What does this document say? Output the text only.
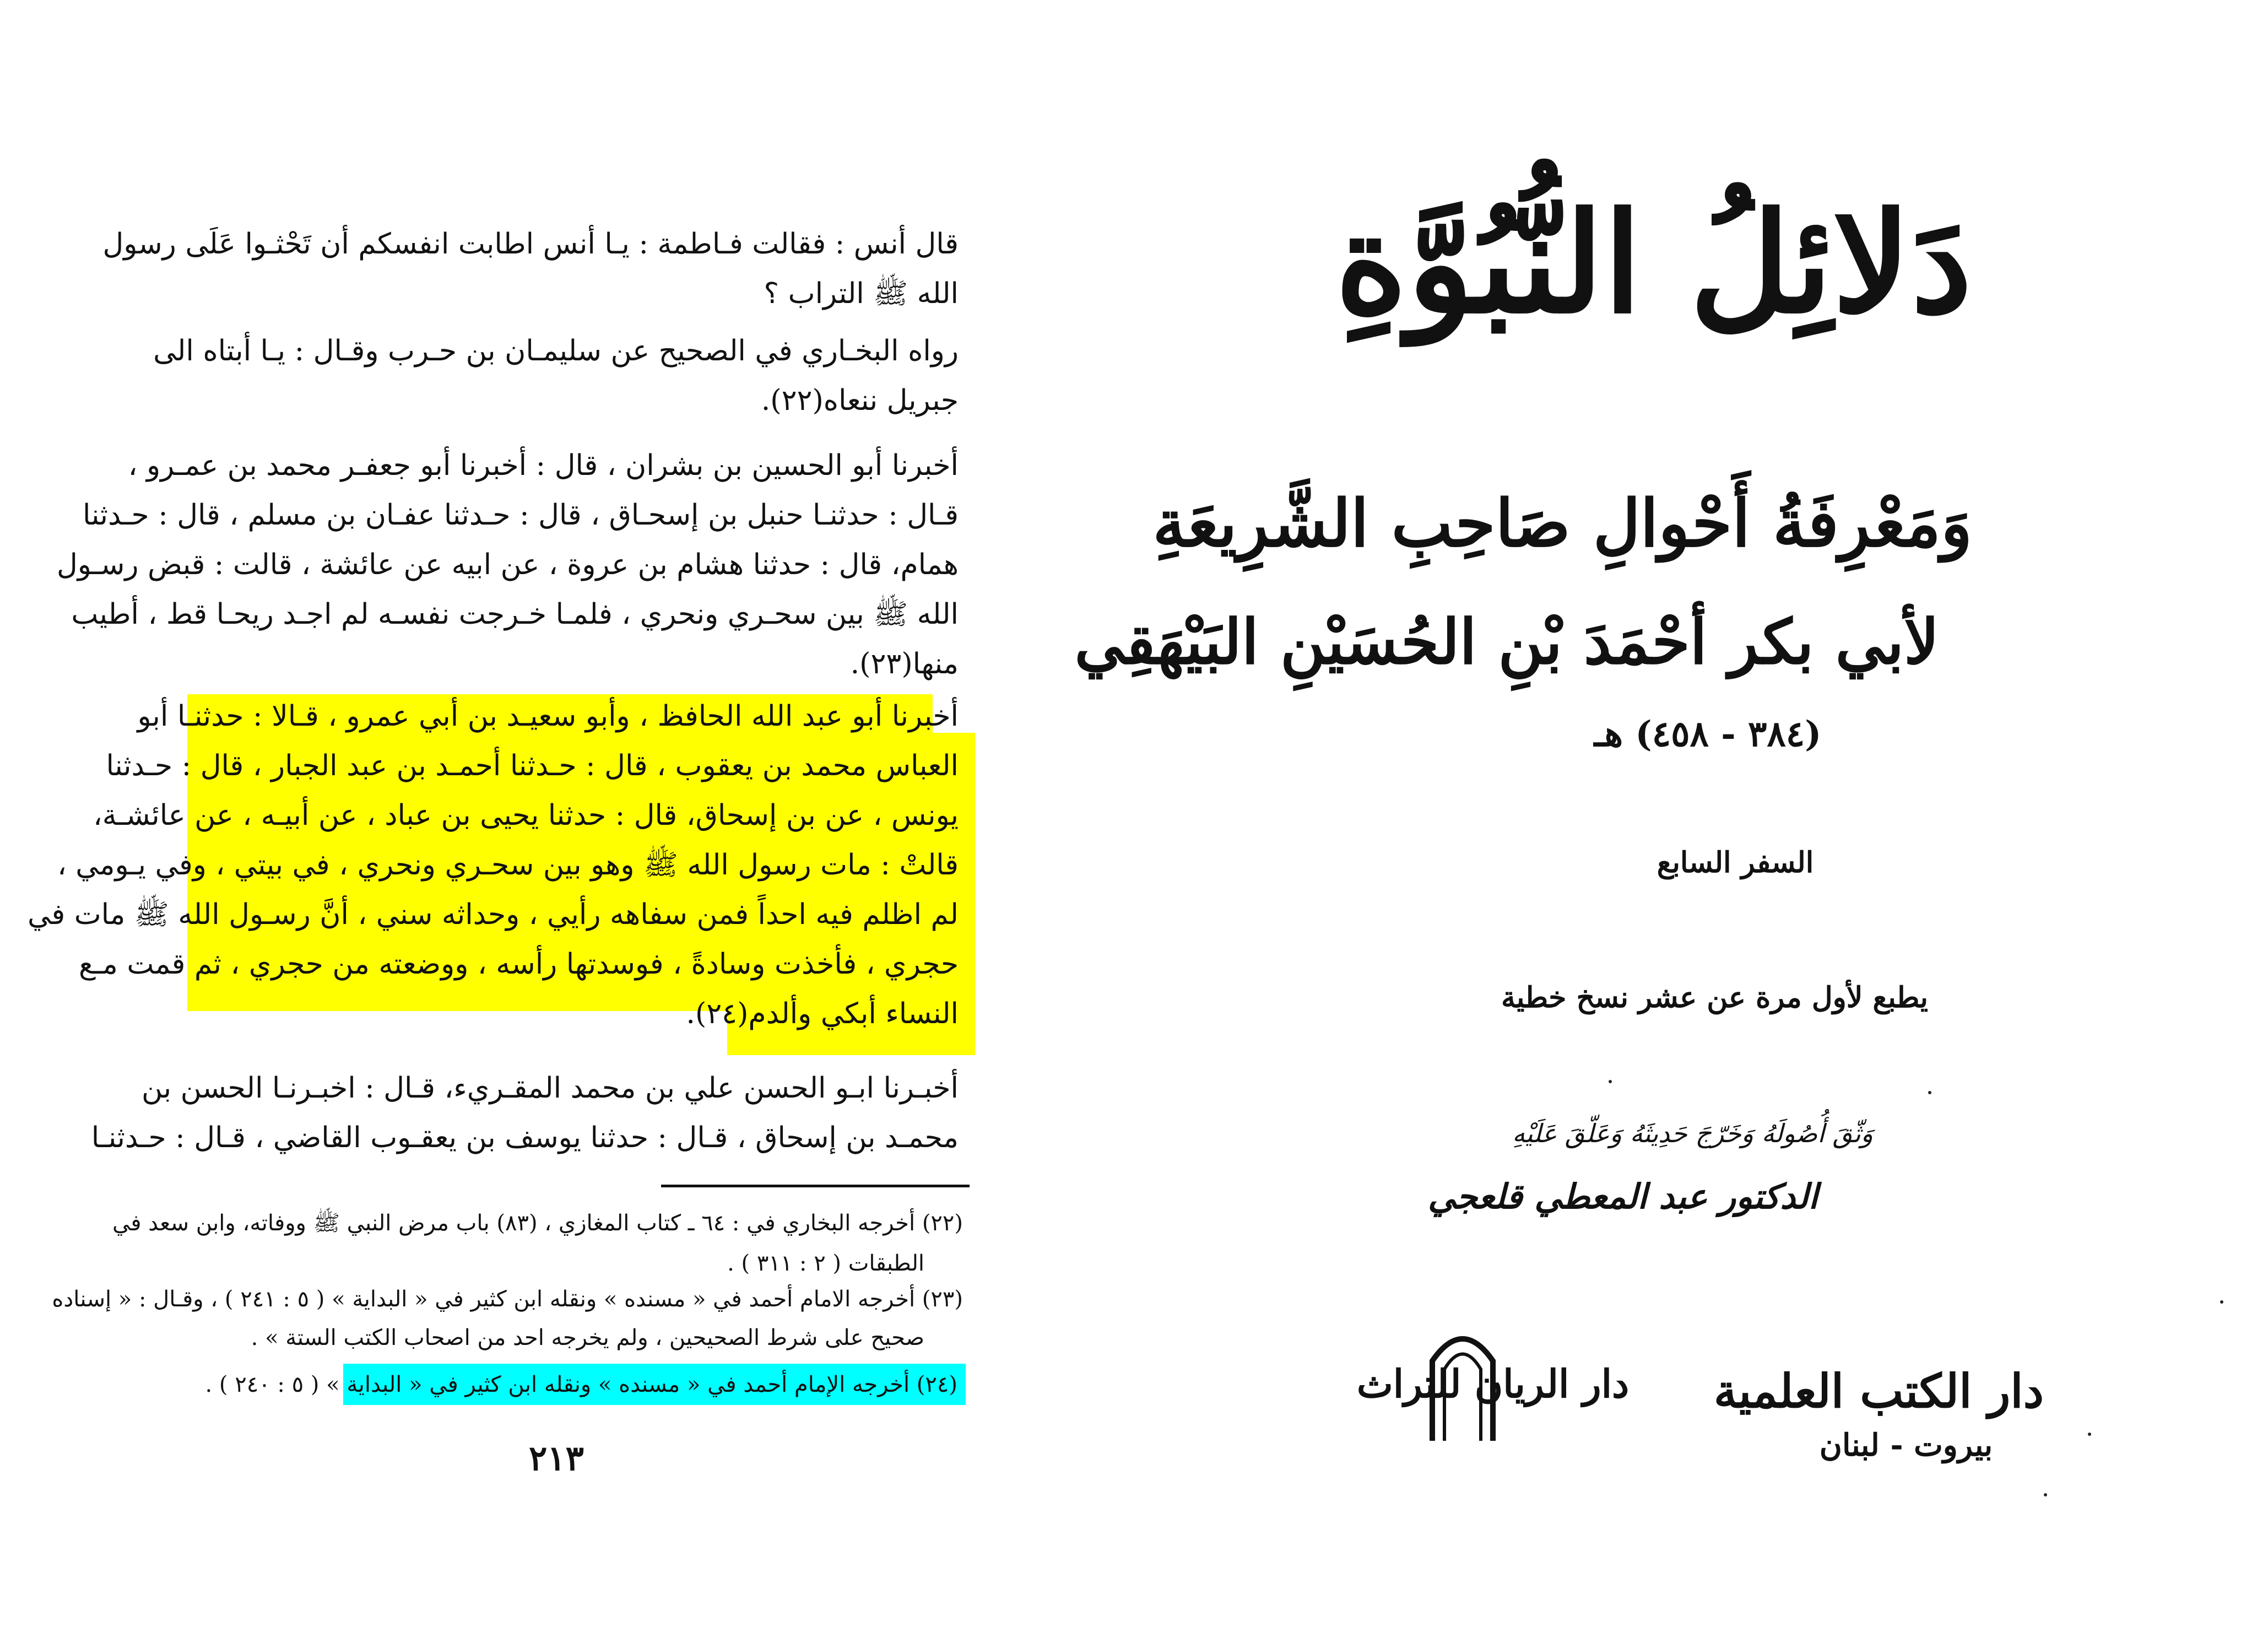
قال أنس : فقالت فـاطمة : يـا أنس اطابت انفسكم أن تَحْثـوا عَلَى رسول
الله ﷺ التراب ؟
رواه البخـاري في الصحيح عن سليمـان بن حـرب وقـال : يـا أبتاه الى
جبريل ننعاه(٢٢).
أخبرنا أبو الحسين بن بشران ، قال : أخبرنا أبو جعفـر محمد بن عمـرو ،
قـال : حدثنـا حنبل بن إسحـاق ، قال : حـدثنا عفـان بن مسلم ، قال : حـدثنا
همام، قال : حدثنا هشام بن عروة ، عن ابيه عن عائشة ، قالت : قبض رسـول
الله ﷺ بين سحـري ونحري ، فلمـا خـرجت نفسـه لم اجـد ريحـا قط ، أطيب
منها(٢٣).
أخبرنا أبو عبد الله الحافظ ، وأبو سعيـد بن أبي عمرو ، قـالا : حدثنـا أبو
العباس محمد بن يعقوب ، قال : حـدثنا أحمـد بن عبد الجبار ، قال : حـدثنا
يونس ، عن بن إسحاق، قال : حدثنا يحيى بن عباد ، عن أبيـه ، عن عائشـة،
قالتْ : مات رسول الله ﷺ وهو بين سحـري ونحري ، في بيتي ، وفي يـومي ،
لم اظلم فيه احداً فمن سفاهه رأيي ، وحداثه سني ، أنَّ رسـول الله ﷺ مات في
حجري ، فأخذت وسادةً ، فوسدتها رأسه ، ووضعته من حجري ، ثم قمت مـع
النساء أبكي وألدم(٢٤).
أخبـرنا ابـو الحسن علي بن محمد المقـريء، قـال : اخبـرنـا الحسن بن
محمـد بن إسحاق ، قـال : حدثنا يوسف بن يعقـوب القاضي ، قـال : حـدثنـا
(٢٢) أخرجه البخاري في : ٦٤ ـ كتاب المغازي ، (٨٣) باب مرض النبي ﷺ ووفاته، وابن سعد في
الطبقات ( ٢ : ٣١١ ) .
(٢٣) أخرجه الامام أحمد في « مسنده » ونقله ابن كثير في « البداية » ( ٥ : ٢٤١ ) ، وقـال : « إسناده
صحيح على شرط الصحيحين ، ولم يخرجه احد من اصحاب الكتب الستة » .
(٢٤) أخرجه الإمام أحمد في « مسنده » ونقله ابن كثير في « البداية » ( ٥ : ٢٤٠ ) .
٢١٣
دَلائِلُ النُّبُوَّةِ
وَمَعْرِفَةُ أَحْوالِ صَاحِبِ الشَّرِيعَةِ
لأبي بكر أحْمَدَ بْنِ الحُسَيْنِ البَيْهَقِي
(٣٨٤ - ٤٥٨) هـ
السفر السابع
يطبع لأول مرة عن عشر نسخ خطية
وَثّقَ أُصُولَهُ وَخَرّجَ حَدِيثَهُ وَعَلّقَ عَلَيْهِ
الدكتور عبد المعطي قلعجي
دار الكتب العلمية
بيروت - لبنان
دار الريان للتراث
